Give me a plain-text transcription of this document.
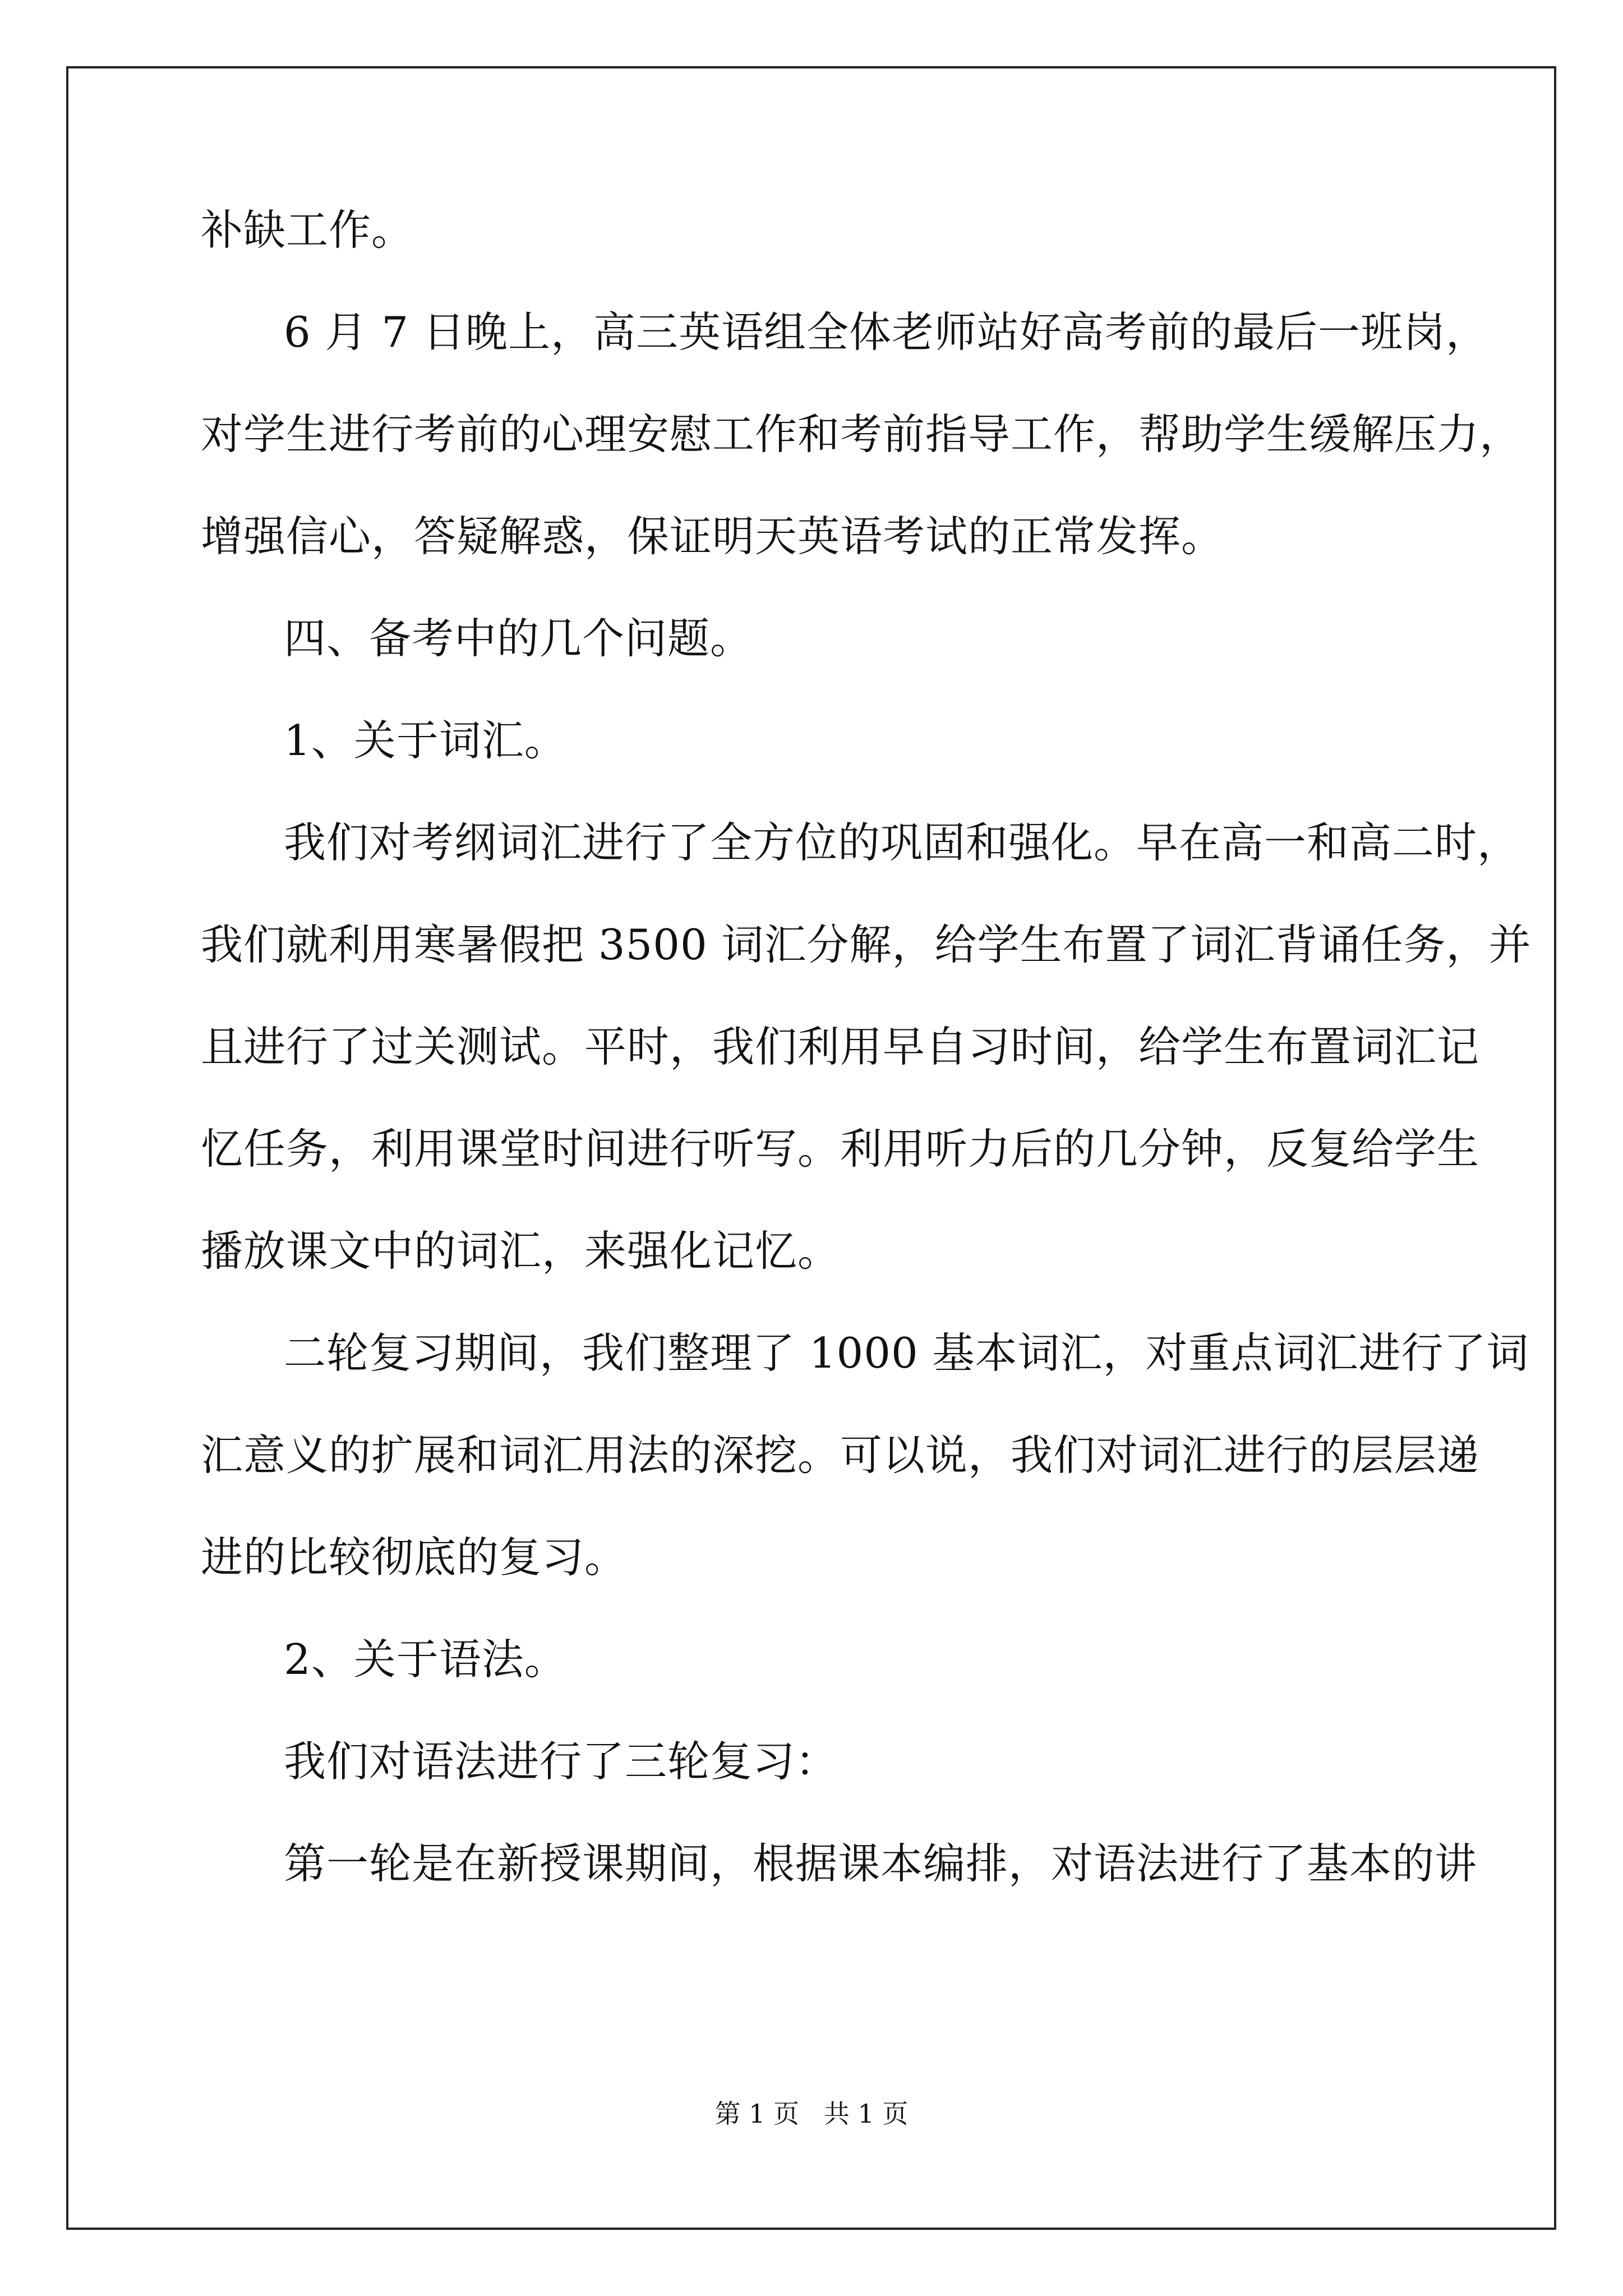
补缺工作。
6 月 7 日晚上，高三英语组全体老师站好高考前的最后一班岗，
对学生进行考前的心理安慰工作和考前指导工作，帮助学生缓解压力，
增强信心，答疑解惑，保证明天英语考试的正常发挥。
四、备考中的几个问题。
1、关于词汇。
我们对考纲词汇进行了全方位的巩固和强化。早在高一和高二时，
我们就利用寒暑假把 3500 词汇分解，给学生布置了词汇背诵任务，并
且进行了过关测试。平时，我们利用早自习时间，给学生布置词汇记
忆任务，利用课堂时间进行听写。利用听力后的几分钟，反复给学生
播放课文中的词汇，来强化记忆。
二轮复习期间，我们整理了 1000 基本词汇，对重点词汇进行了词
汇意义的扩展和词汇用法的深挖。可以说，我们对词汇进行的层层递
进的比较彻底的复习。
2、关于语法。
我们对语法进行了三轮复习：
第一轮是在新授课期间，根据课本编排，对语法进行了基本的讲
第 1 页   共 1 页
